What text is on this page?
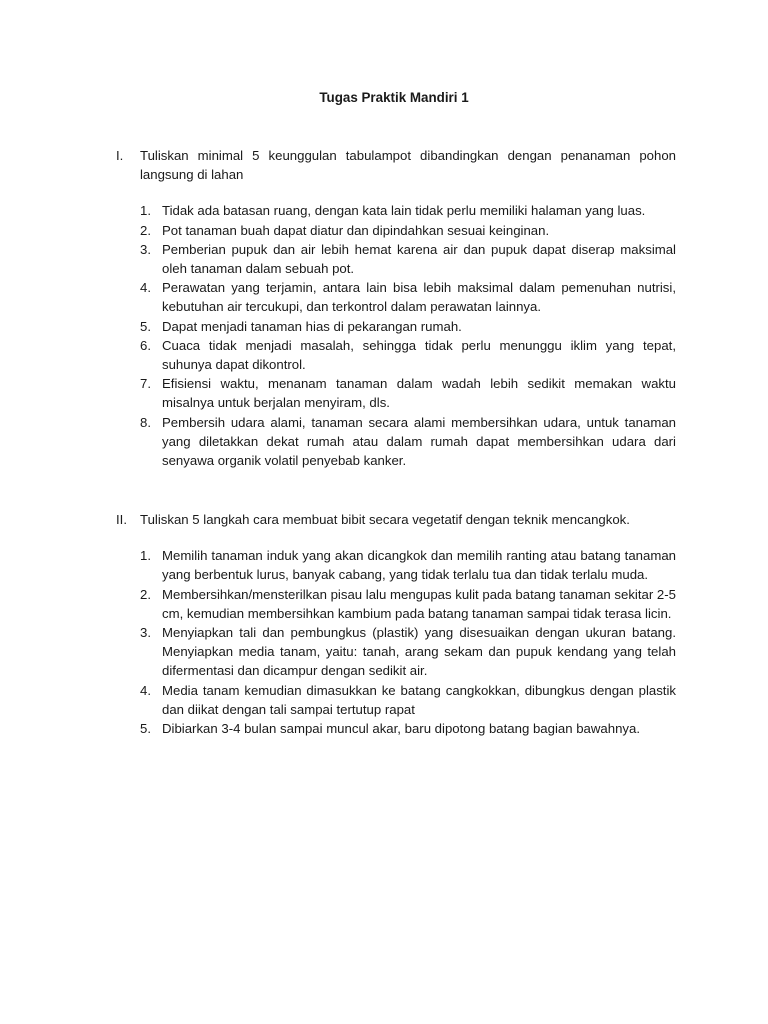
Tugas Praktik Mandiri 1
I.	Tuliskan minimal 5 keunggulan tabulampot dibandingkan dengan penanaman pohon langsung di lahan
1. Tidak ada batasan ruang, dengan kata lain tidak perlu memiliki halaman yang luas.
2. Pot tanaman buah dapat diatur dan dipindahkan sesuai keinginan.
3. Pemberian pupuk dan air lebih hemat karena air dan pupuk dapat diserap maksimal oleh tanaman dalam sebuah pot.
4. Perawatan yang terjamin, antara lain bisa lebih maksimal dalam pemenuhan nutrisi, kebutuhan air tercukupi, dan terkontrol dalam perawatan lainnya.
5. Dapat menjadi tanaman hias di pekarangan rumah.
6. Cuaca tidak menjadi masalah, sehingga tidak perlu menunggu iklim yang tepat, suhunya dapat dikontrol.
7. Efisiensi waktu, menanam tanaman dalam wadah lebih sedikit memakan waktu misalnya untuk berjalan menyiram, dls.
8. Pembersih udara alami, tanaman secara alami membersihkan udara, untuk tanaman yang diletakkan dekat rumah atau dalam rumah dapat membersihkan udara dari senyawa organik volatil penyebab kanker.
II. Tuliskan 5 langkah cara membuat bibit secara vegetatif dengan teknik mencangkok.
1. Memilih tanaman induk yang akan dicangkok dan memilih ranting atau batang tanaman yang berbentuk lurus, banyak cabang, yang tidak terlalu tua dan tidak terlalu muda.
2. Membersihkan/mensterilkan pisau lalu mengupas kulit pada batang tanaman sekitar 2-5 cm, kemudian membersihkan kambium pada batang tanaman sampai tidak terasa licin.
3. Menyiapkan tali dan pembungkus (plastik) yang disesuaikan dengan ukuran batang. Menyiapkan media tanam, yaitu: tanah, arang sekam dan pupuk kendang yang telah difermentasi dan dicampur dengan sedikit air.
4. Media tanam kemudian dimasukkan ke batang cangkokkan, dibungkus dengan plastik dan diikat dengan tali sampai tertutup rapat
5. Dibiarkan 3-4 bulan sampai muncul akar, baru dipotong batang bagian bawahnya.
